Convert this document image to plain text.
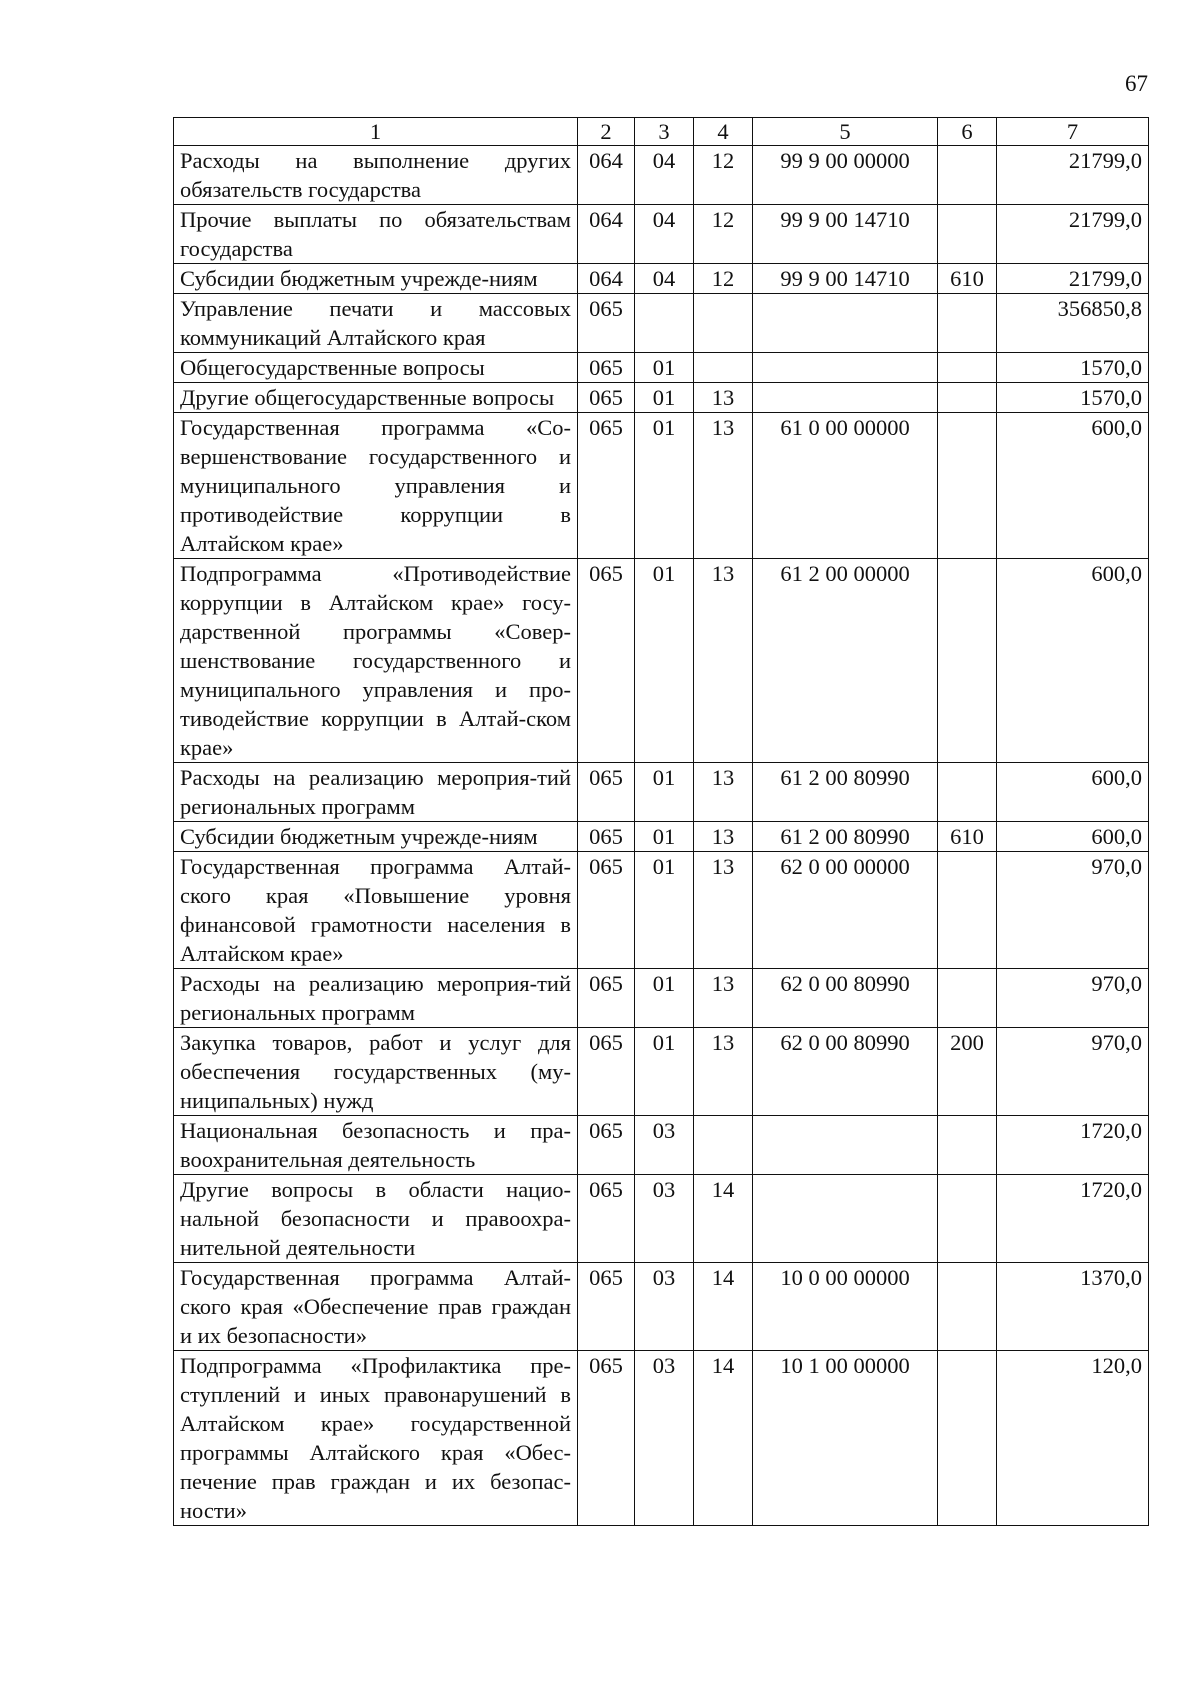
67
1	2	3	4	5	6	7
Расходы на выполнение других обязательств государства	064	04	12	99 9 00 00000		21799,0
Прочие выплаты по обязательствам государства	064	04	12	99 9 00 14710		21799,0
Субсидии бюджетным учрежде-ниям	064	04	12	99 9 00 14710	610	21799,0
Управление печати и массовых коммуникаций Алтайского края	065					356850,8
Общегосударственные вопросы	065	01				1570,0
Другие общегосударственные вопросы	065	01	13			1570,0
Государственная программа «Со-вершенствование государственного и муниципального управления и противодействие коррупции в Алтайском крае»	065	01	13	61 0 00 00000		600,0
Подпрограмма «Противодействие коррупции в Алтайском крае» госу-дарственной программы «Совер-шенствование государственного и муниципального управления и про-тиводействие коррупции в Алтай-ском крае»	065	01	13	61 2 00 00000		600,0
Расходы на реализацию мероприя-тий региональных программ	065	01	13	61 2 00 80990		600,0
Субсидии бюджетным учрежде-ниям	065	01	13	61 2 00 80990	610	600,0
Государственная программа Алтай-ского края «Повышение уровня финансовой грамотности населения в Алтайском крае»	065	01	13	62 0 00 00000		970,0
Расходы на реализацию мероприя-тий региональных программ	065	01	13	62 0 00 80990		970,0
Закупка товаров, работ и услуг для обеспечения государственных (му-ниципальных) нужд	065	01	13	62 0 00 80990	200	970,0
Национальная безопасность и пра-воохранительная деятельность	065	03				1720,0
Другие вопросы в области нацио-нальной безопасности и правоохра-нительной деятельности	065	03	14			1720,0
Государственная программа Алтай-ского края «Обеспечение прав граждан и их безопасности»	065	03	14	10 0 00 00000		1370,0
Подпрограмма «Профилактика пре-ступлений и иных правонарушений в Алтайском крае» государственной программы Алтайского края «Обес-печение прав граждан и их безопас-ности»	065	03	14	10 1 00 00000		120,0
